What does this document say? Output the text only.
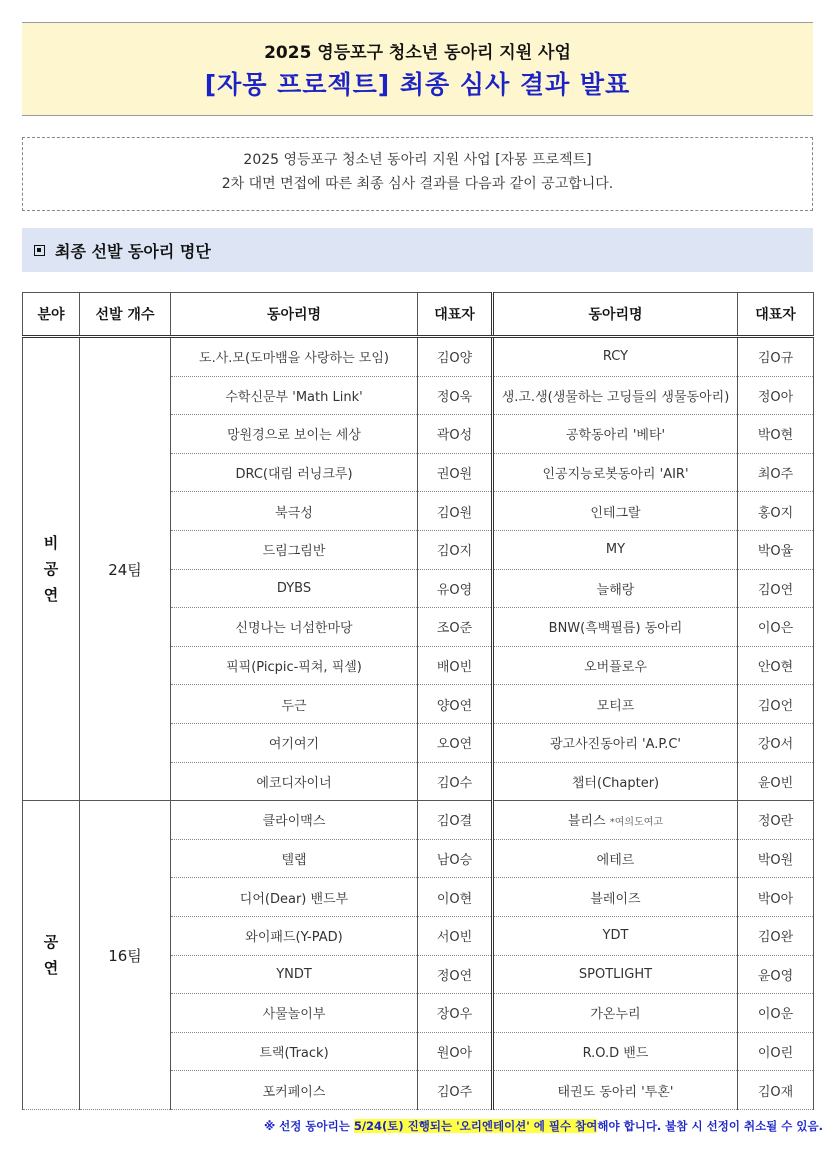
2025 영등포구 청소년 동아리 지원 사업
[자몽 프로젝트] 최종 심사 결과 발표
2025 영등포구 청소년 동아리 지원 사업 [자몽 프로젝트]
2차 대면 면접에 따른 최종 심사 결과를 다음과 같이 공고합니다.
최종 선발 동아리 명단
분야	선발 개수	동아리명	대표자	동아리명	대표자

비
공
연	24팀	도.사.모(도마뱀을 사랑하는 모임)	김O양	RCY	김O규
		수학신문부 'Math Link'	정O욱	생.고.생(생물하는 고딩들의 생물동아리)	정O아
		망원경으로 보이는 세상	곽O성	공학동아리 '베타'	박O현
		DRC(대림 러닝크루)	권O원	인공지능로봇동아리 'AIR'	최O주
		북극성	김O원	인테그랄	홍O지
		드림그림반	김O지	MY	박O율
		DYBS	유O영	늘해랑	김O연
		신명나는 너섬한마당	조O준	BNW(흑백필름) 동아리	이O은
		픽픽(Picpic-픽쳐, 픽셀)	배O빈	오버플로우	안O현
		두근	양O연	모티프	김O언
		여기여기	오O연	광고사진동아리 'A.P.C'	강O서
		에코디자이너	김O수	챕터(Chapter)	윤O빈

공
연	16팀	클라이맥스	김O결	블리스 *여의도여고	정O란
		텔랩	남O승	에테르	박O원
		디어(Dear) 밴드부	이O현	블레이즈	박O아
		와이패드(Y-PAD)	서O빈	YDT	김O완
		YNDT	정O연	SPOTLIGHT	윤O영
		사물놀이부	장O우	가온누리	이O운
		트랙(Track)	원O아	R.O.D 밴드	이O린
		포커페이스	김O주	태권도 동아리 '투혼'	김O재
※ 선정 동아리는 5/24(토) 진행되는 '오리엔테이션' 에 필수 참여해야 합니다. 불참 시 선정이 취소될 수 있음.
